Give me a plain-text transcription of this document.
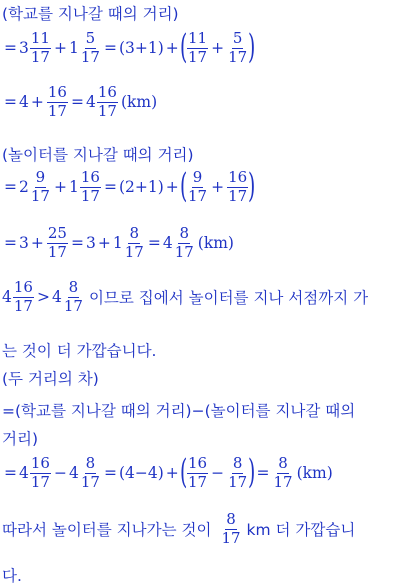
(학교를 지나갈 때의 거리)
= $3 \frac{11}{17} + 1 \frac{5}{17} = (3+1)$ + ( $\frac{11}{17} + \frac{5}{17}$ )
= $4 + \frac{16}{17} = 4 \frac{16}{17} (km)$
(놀이터를 지나갈 때의 거리)
= $2 \frac{9}{17} + 1 \frac{16}{17} = (2+1)$ + ( $\frac{9}{17} + \frac{16}{17}$ )
= $3 + \frac{25}{17} = 3 + 1 \frac{8}{17} = 4 \frac{8}{17} (km)$
$4 \frac{16}{17} > 4 \frac{8}{17}$ 이므로 집에서 놀이터를 지나 서점까지 가
는 것이 더 가깝습니다.
(두 거리의 차)
=(학교를 지나갈 때의 거리)−(놀이터를 지나갈 때의
거리)
= $4 \frac{16}{17} - 4 \frac{8}{17} = (4-4)$ + ( $\frac{16}{17} - \frac{8}{17}$ ) = $\frac{8}{17} (km)$
따라서 놀이터를 지나가는 것이 $\frac{8}{17}$ km 더 가깝습니
다.
